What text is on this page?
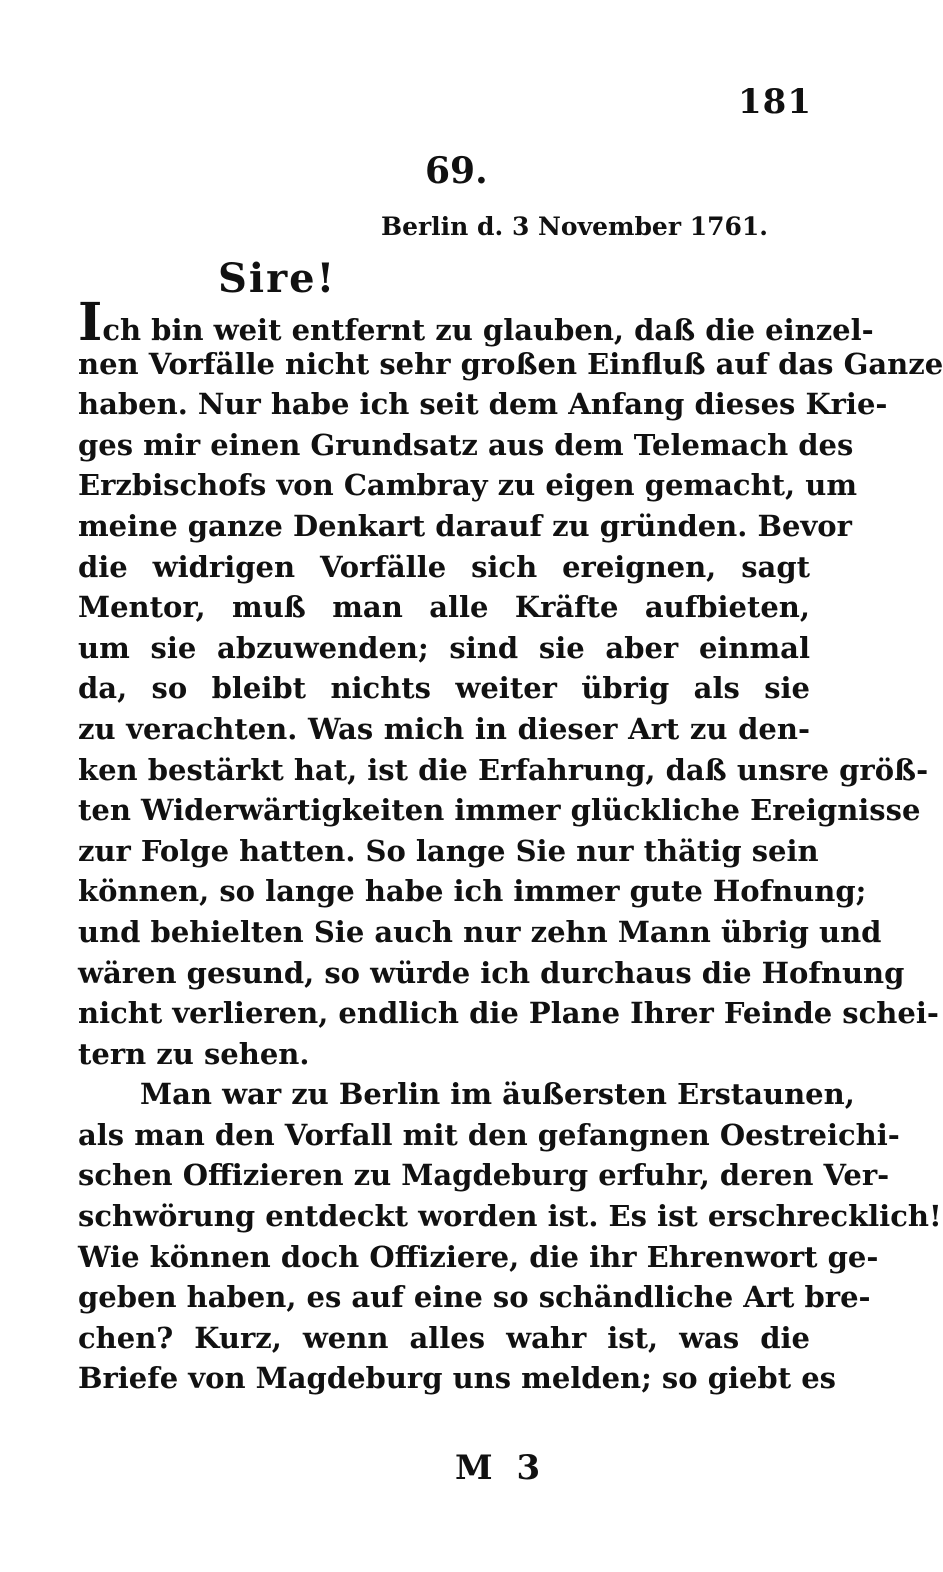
181
69.
Berlin d. 3 November 1761.
Sire!
Ich bin weit entfernt zu glauben, daß die einzel-
nen Vorfälle nicht sehr großen Einfluß auf das Ganze
haben. Nur habe ich seit dem Anfang dieses Krie-
ges mir einen Grundsatz aus dem Telemach des
Erzbischofs von Cambray zu eigen gemacht, um
meine ganze Denkart darauf zu gründen. Bevor
die widrigen Vorfälle sich ereignen, sagt
Mentor, muß man alle Kräfte aufbieten,
um sie abzuwenden; sind sie aber einmal
da, so bleibt nichts weiter übrig als sie
zu verachten. Was mich in dieser Art zu den-
ken bestärkt hat, ist die Erfahrung, daß unsre größ-
ten Widerwärtigkeiten immer glückliche Ereignisse
zur Folge hatten. So lange Sie nur thätig sein
können, so lange habe ich immer gute Hofnung;
und behielten Sie auch nur zehn Mann übrig und
wären gesund, so würde ich durchaus die Hofnung
nicht verlieren, endlich die Plane Ihrer Feinde schei-
tern zu sehen.
Man war zu Berlin im äußersten Erstaunen,
als man den Vorfall mit den gefangnen Oestreichi-
schen Offizieren zu Magdeburg erfuhr, deren Ver-
schwörung entdeckt worden ist. Es ist erschrecklich!
Wie können doch Offiziere, die ihr Ehrenwort ge-
geben haben, es auf eine so schändliche Art bre-
chen? Kurz, wenn alles wahr ist, was die
Briefe von Magdeburg uns melden; so giebt es
M 3
